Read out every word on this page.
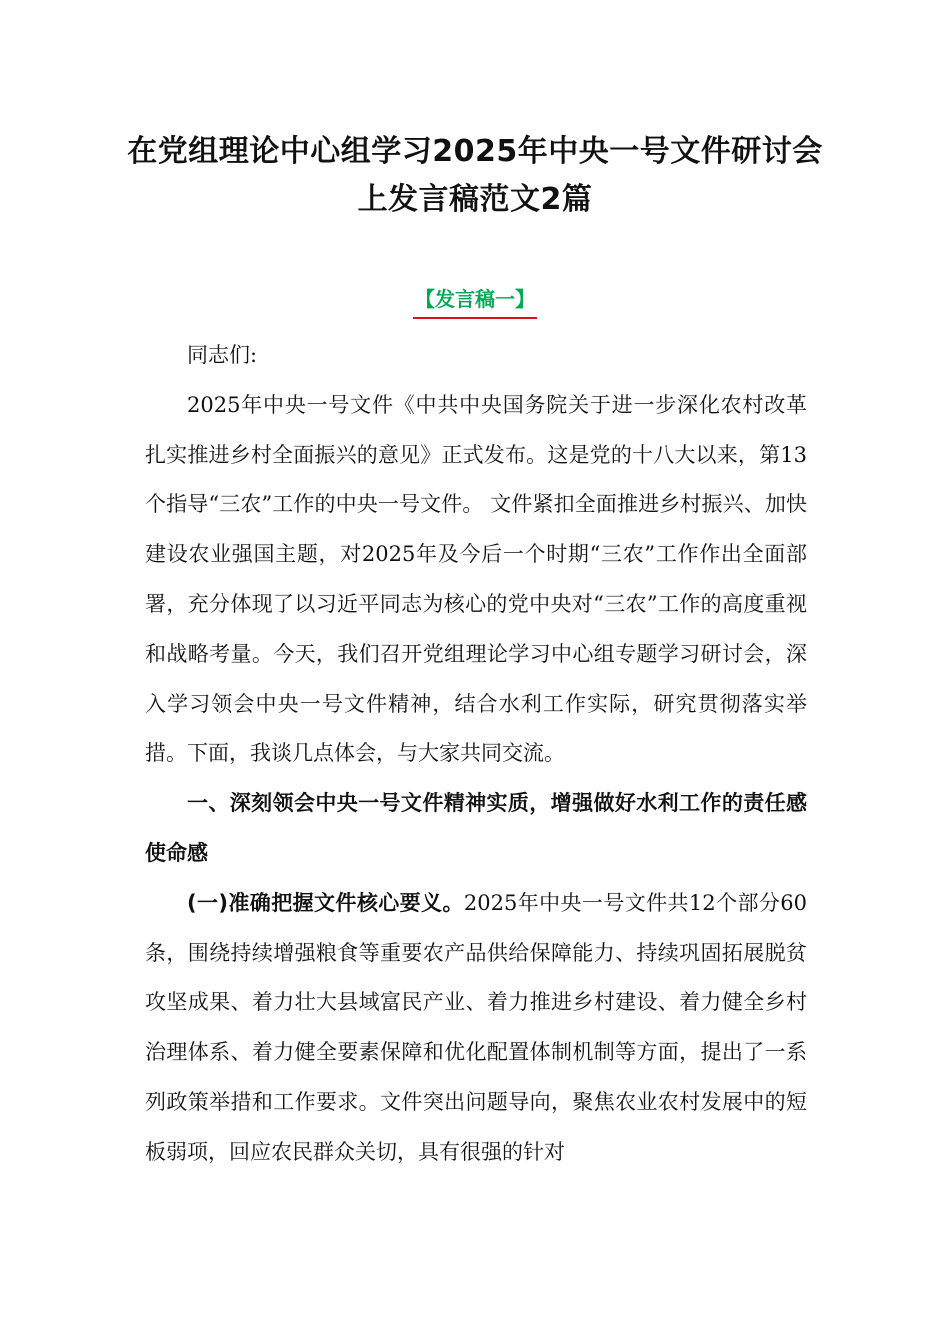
在党组理论中心组学习2025年中央一号文件研讨会
上发言稿范文2篇
【发言稿一】

同志们:

2025年中央一号文件《中共中央国务院关于进一步深化农村改革扎实推进乡村全面振兴的意见》正式发布。这是党的十八大以来，第13个指导“三农”工作的中央一号文件。 文件紧扣全面推进乡村振兴、加快建设农业强国主题，对2025年及今后一个时期“三农”工作作出全面部署，充分体现了以习近平同志为核心的党中央对“三农”工作的高度重视和战略考量。今天，我们召开党组理论学习中心组专题学习研讨会，深入学习领会中央一号文件精神，结合水利工作实际，研究贯彻落实举措。下面，我谈几点体会，与大家共同交流。

一、深刻领会中央一号文件精神实质，增强做好水利工作的责任感使命感

(一)准确把握文件核心要义。2025年中央一号文件共12个部分60条，围绕持续增强粮食等重要农产品供给保障能力、持续巩固拓展脱贫攻坚成果、着力壮大县域富民产业、着力推进乡村建设、着力健全乡村治理体系、着力健全要素保障和优化配置体制机制等方面，提出了一系列政策举措和工作要求。文件突出问题导向，聚焦农业农村发展中的短板弱项，回应农民群众关切，具有很强的针对
